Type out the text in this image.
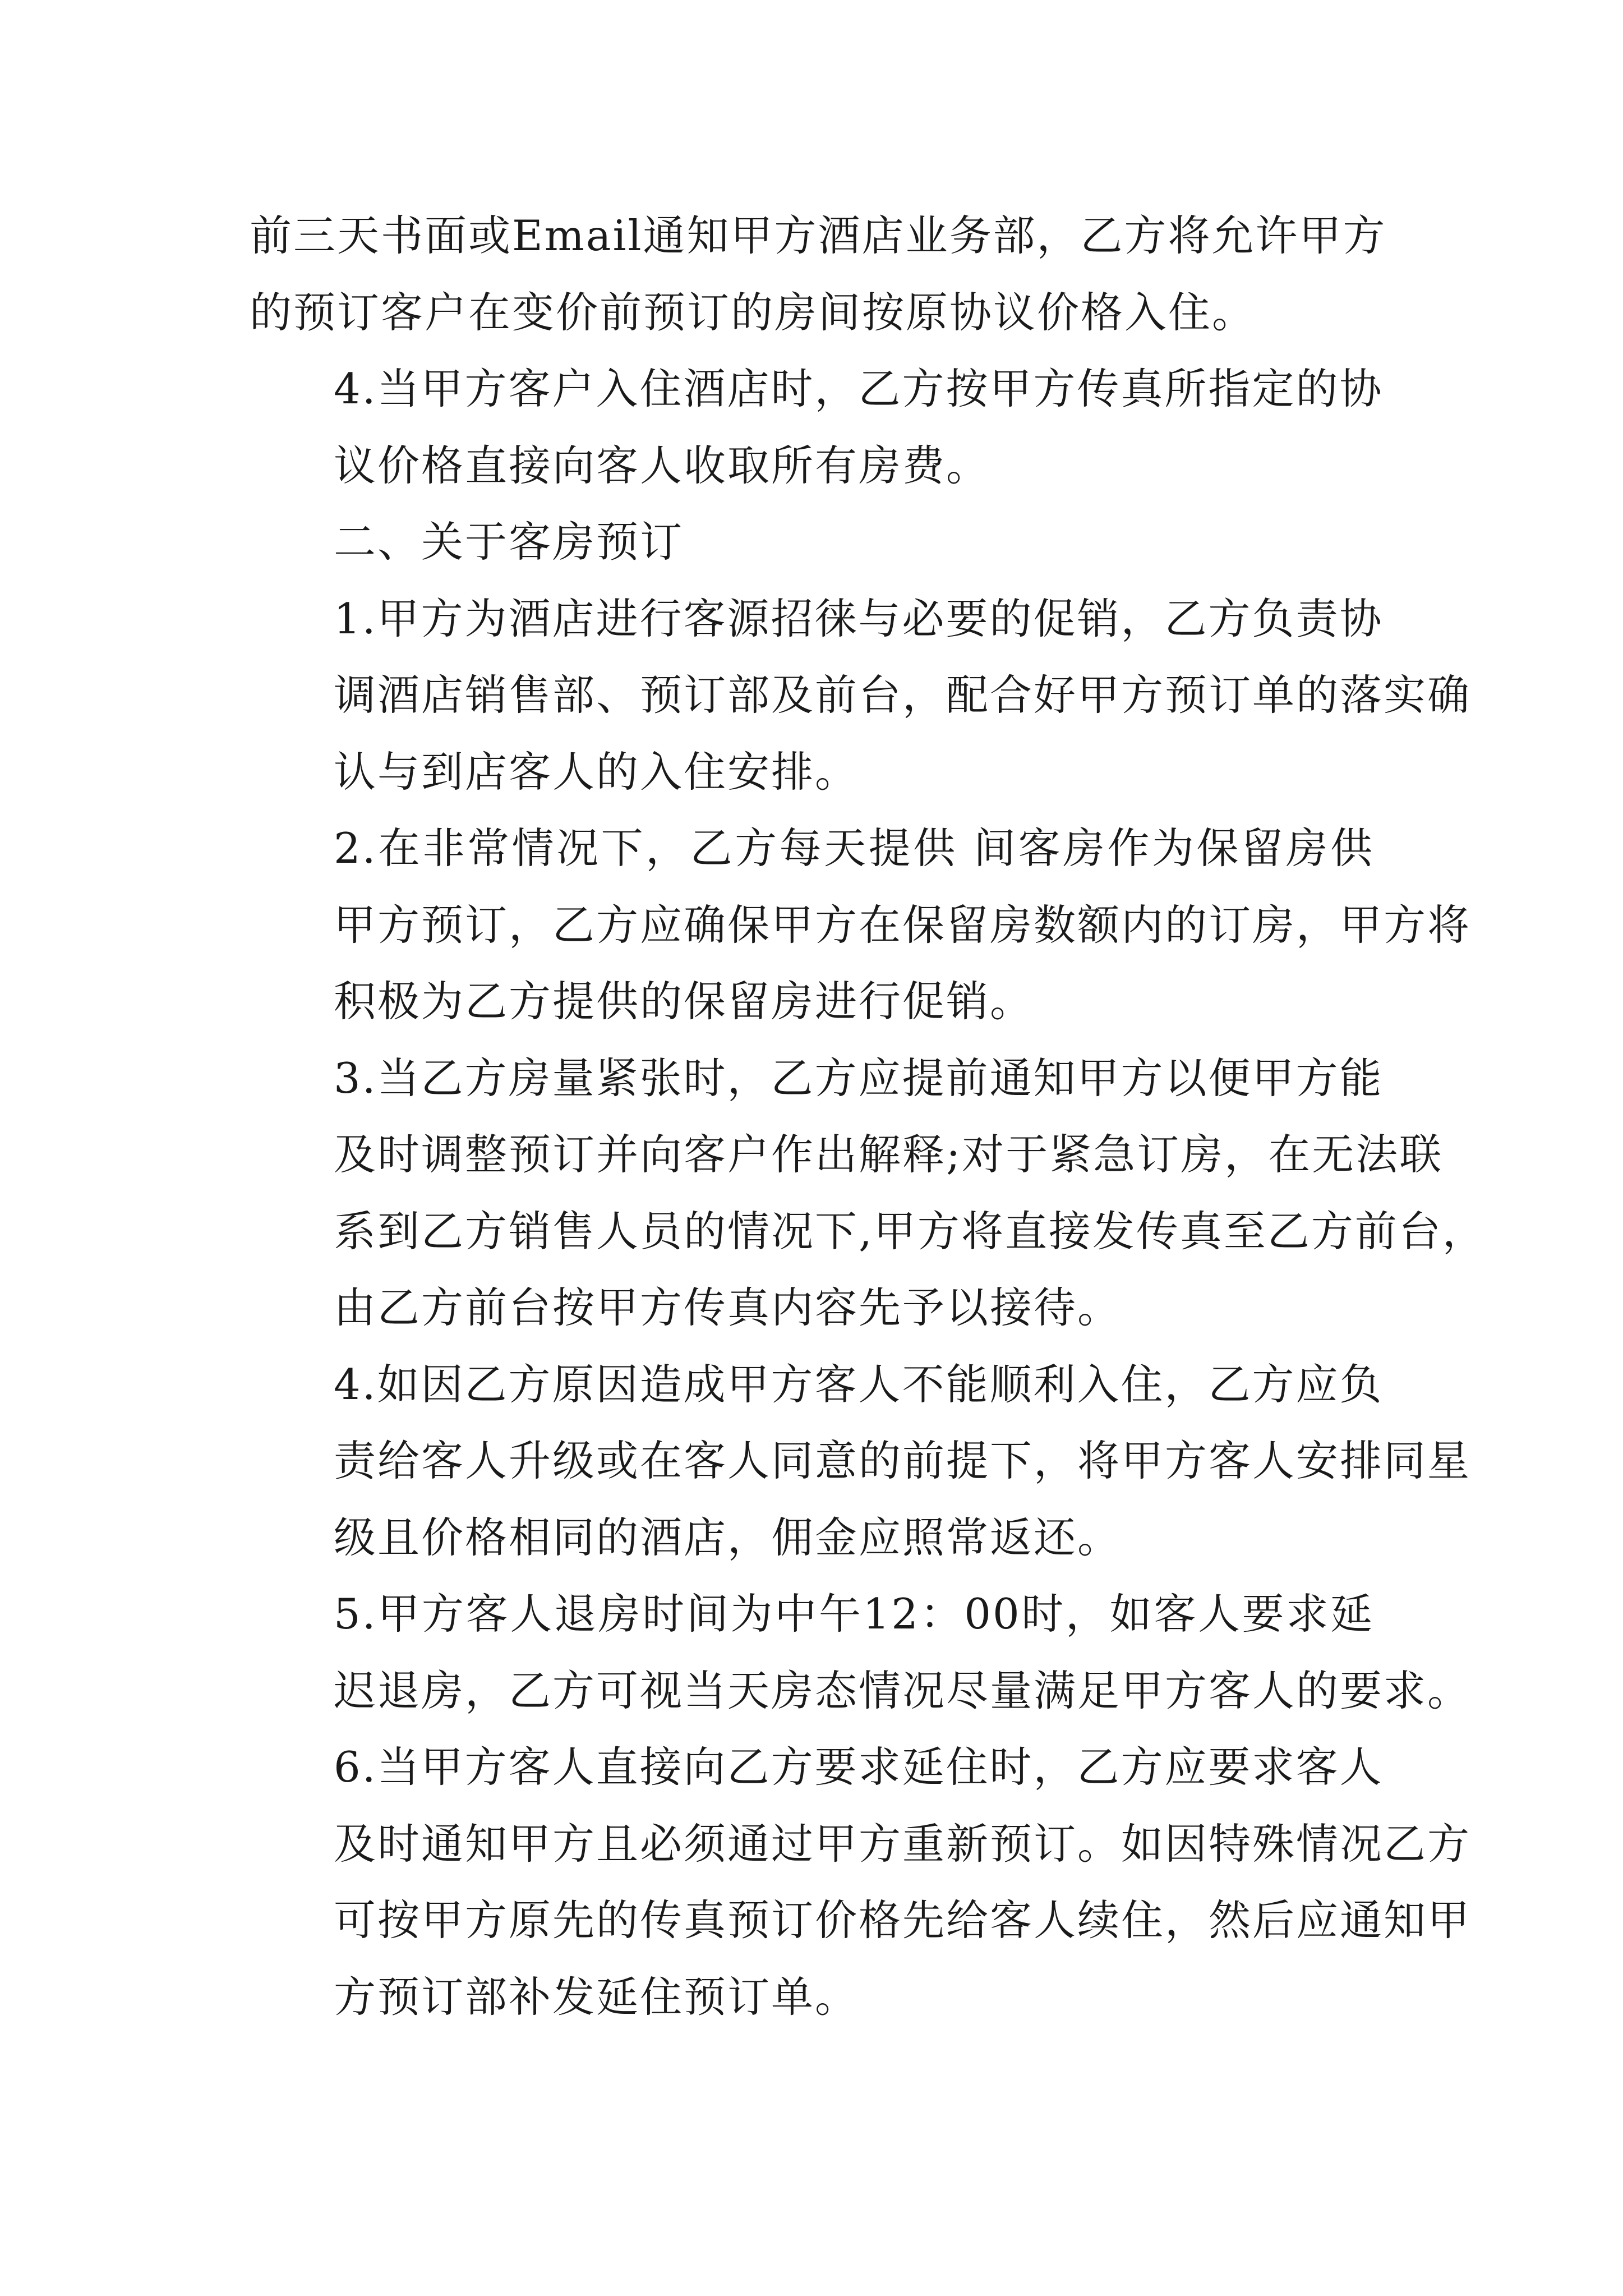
前三天书面或Email通知甲方酒店业务部，乙方将允许甲方
的预订客户在变价前预订的房间按原协议价格入住。
4.当甲方客户入住酒店时，乙方按甲方传真所指定的协
议价格直接向客人收取所有房费。
二、关于客房预订
1.甲方为酒店进行客源招徕与必要的促销，乙方负责协
调酒店销售部、预订部及前台，配合好甲方预订单的落实确
认与到店客人的入住安排。
2.在非常情况下，乙方每天提供 间客房作为保留房供
甲方预订，乙方应确保甲方在保留房数额内的订房，甲方将
积极为乙方提供的保留房进行促销。
3.当乙方房量紧张时，乙方应提前通知甲方以便甲方能
及时调整预订并向客户作出解释;对于紧急订房，在无法联
系到乙方销售人员的情况下,甲方将直接发传真至乙方前台，
由乙方前台按甲方传真内容先予以接待。
4.如因乙方原因造成甲方客人不能顺利入住，乙方应负
责给客人升级或在客人同意的前提下，将甲方客人安排同星
级且价格相同的酒店，佣金应照常返还。
5.甲方客人退房时间为中午12：00时，如客人要求延
迟退房，乙方可视当天房态情况尽量满足甲方客人的要求。
6.当甲方客人直接向乙方要求延住时，乙方应要求客人
及时通知甲方且必须通过甲方重新预订。如因特殊情况乙方
可按甲方原先的传真预订价格先给客人续住，然后应通知甲
方预订部补发延住预订单。
